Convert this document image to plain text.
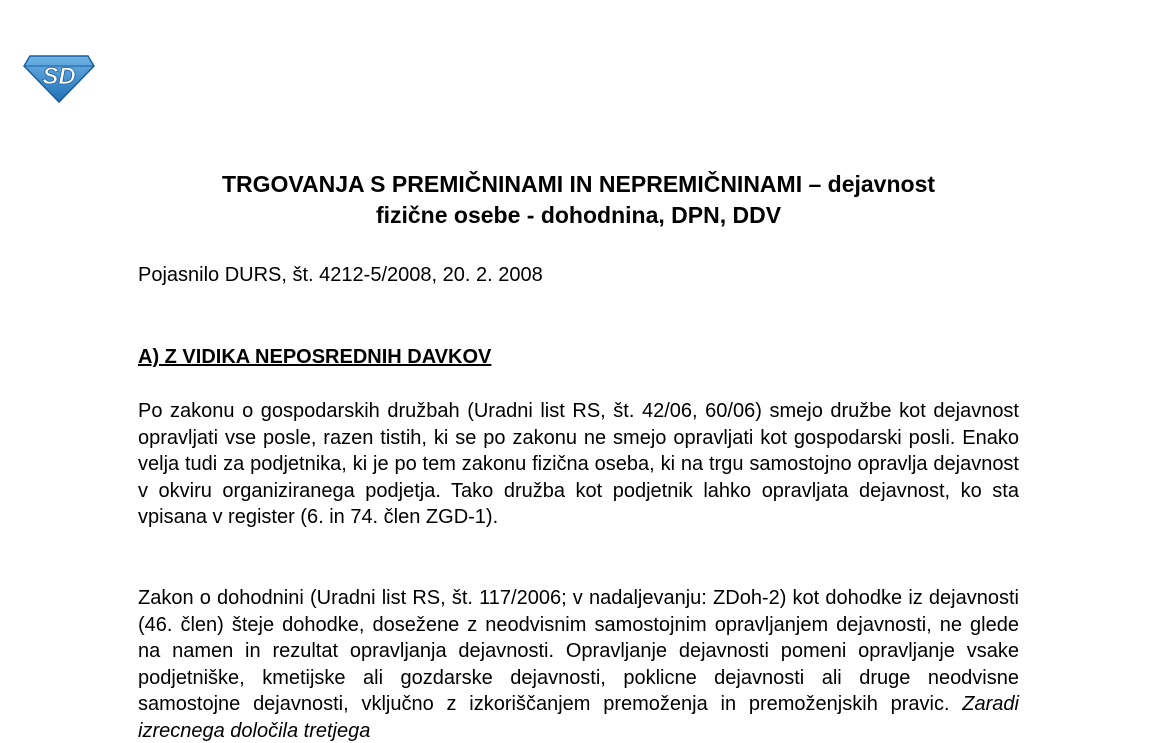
SD
TRGOVANJA S PREMIČNINAMI IN NEPREMIČNINAMI – dejavnost
fizične osebe - dohodnina, DPN, DDV

Pojasnilo DURS, št. 4212-5/2008, 20. 2. 2008

A) Z VIDIKA NEPOSREDNIH DAVKOV

Po zakonu o gospodarskih družbah (Uradni list RS, št. 42/06, 60/06) smejo družbe kot dejavnost opravljati vse posle, razen tistih, ki se po zakonu ne smejo opravljati kot gospodarski posli. Enako velja tudi za podjetnika, ki je po tem zakonu fizična oseba, ki na trgu samostojno opravlja dejavnost v okviru organiziranega podjetja. Tako družba kot podjetnik lahko opravljata dejavnost, ko sta vpisana v register (6. in 74. člen ZGD-1).

Zakon o dohodnini (Uradni list RS, št. 117/2006; v nadaljevanju: ZDoh-2) kot dohodke iz dejavnosti (46. člen) šteje dohodke, dosežene z neodvisnim samostojnim opravljanjem dejavnosti, ne glede na namen in rezultat opravljanja dejavnosti. Opravljanje dejavnosti pomeni opravljanje vsake podjetniške, kmetijske ali gozdarske dejavnosti, poklicne dejavnosti ali druge neodvisne samostojne dejavnosti, vključno z izkoriščanjem premoženja in premoženjskih pravic. Zaradi izrecnega določila tretjega
